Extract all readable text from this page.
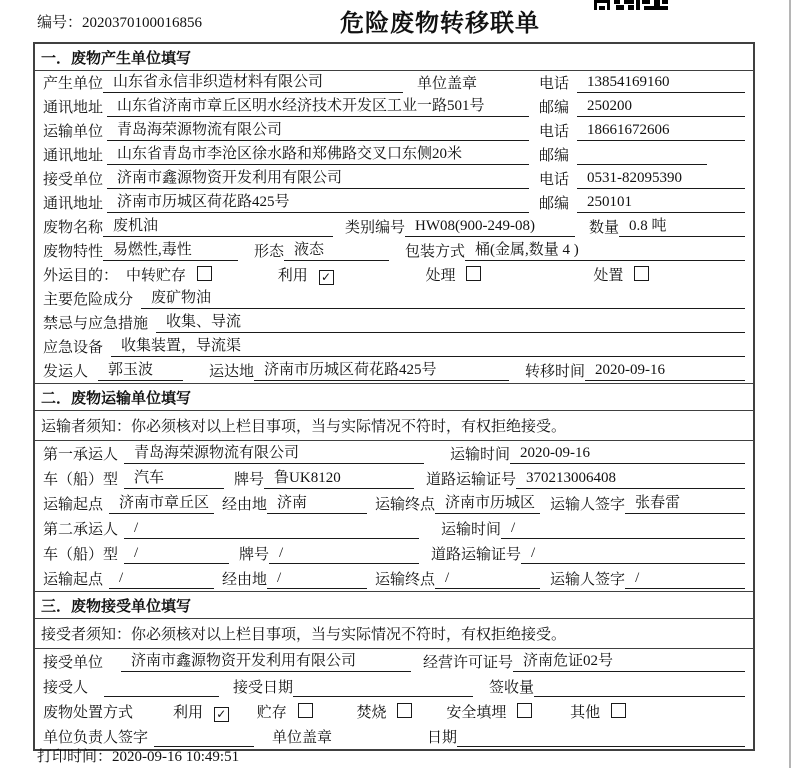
编号：2020370100016856	危险废物转移联单
一．废物产生单位填写
产生单位 山东省永信非织造材料有限公司	单位盖章	电话	13854169160
通讯地址 山东省济南市章丘区明水经济技术开发区工业一路501号	邮编	250200
运输单位 青岛海荣源物流有限公司	电话	18661672606
通讯地址 山东省青岛市李沧区徐水路和郑佛路交叉口东侧20米	邮编
接受单位 济南市鑫源物资开发利用有限公司	电话	0531-82095390
通讯地址 济南市历城区荷花路425号	邮编	250101
废物名称 废机油	类别编号 HW08(900-249-08)	数量 0.8 吨
废物特性 易燃性,毒性	形态 液态	包装方式 桶(金属,数量 4 )
外运目的： 中转贮存	利用 ✓	处理	处置
主要危险成分	废矿物油
禁忌与应急措施	收集、导流
应急设备	收集装置，导流渠
发运人	郭玉波	运达地 济南市历城区荷花路425号	转移时间 2020-09-16
二．废物运输单位填写
运输者须知：你必须核对以上栏目事项，当与实际情况不符时，有权拒绝接受。
第一承运人	青岛海荣源物流有限公司	运输时间 2020-09-16
车（船）型	汽车	牌号 鲁UK8120	道路运输证号 370213006408
运输起点	济南市章丘区 经由地 济南	运输终点 济南市历城区 运输人签字 张春雷
第二承运人	/	运输时间 /
车（船）型	/	牌号 /	道路运输证号 /
运输起点	/	经由地 /	运输终点 /	运输人签字 /
三．废物接受单位填写
接受者须知：你必须核对以上栏目事项，当与实际情况不符时，有权拒绝接受。
接受单位	济南市鑫源物资开发利用有限公司	经营许可证号 济南危证02号
接受人	接受日期	签收量
废物处置方式	利用 ✓ 贮存	焚烧	安全填埋	其他
单位负责人签字	单位盖章	日期
打印时间：2020-09-16 10:49:51
